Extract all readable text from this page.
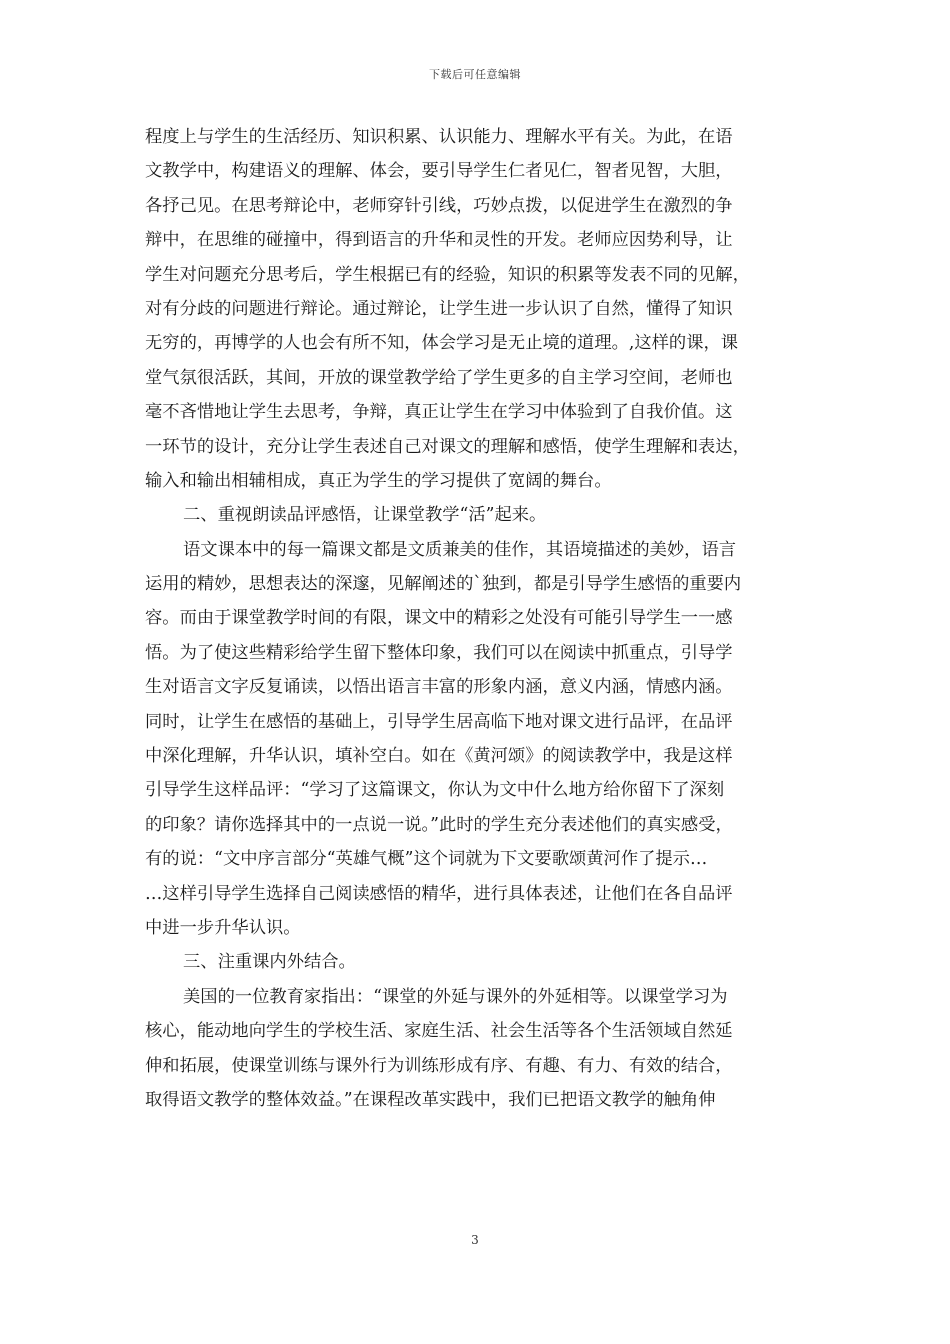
下载后可任意编辑
程度上与学生的生活经历、知识积累、认识能力、理解水平有关。为此，在语
文教学中，构建语义的理解、体会，要引导学生仁者见仁，智者见智，大胆，
各抒己见。在思考辩论中，老师穿针引线，巧妙点拨，以促进学生在激烈的争
辩中，在思维的碰撞中，得到语言的升华和灵性的开发。老师应因势利导，让
学生对问题充分思考后，学生根据已有的经验，知识的积累等发表不同的见解，
对有分歧的问题进行辩论。通过辩论，让学生进一步认识了自然，懂得了知识
无穷的，再博学的人也会有所不知，体会学习是无止境的道理。,这样的课，课
堂气氛很活跃，其间，开放的课堂教学给了学生更多的自主学习空间，老师也
毫不吝惜地让学生去思考，争辩，真正让学生在学习中体验到了自我价值。这
一环节的设计，充分让学生表述自己对课文的理解和感悟，使学生理解和表达，
输入和输出相辅相成，真正为学生的学习提供了宽阔的舞台。
二、重视朗读品评感悟，让课堂教学“活”起来。
语文课本中的每一篇课文都是文质兼美的佳作，其语境描述的美妙，语言
运用的精妙，思想表达的深邃，见解阐述的`独到，都是引导学生感悟的重要内
容。而由于课堂教学时间的有限，课文中的精彩之处没有可能引导学生一一感
悟。为了使这些精彩给学生留下整体印象，我们可以在阅读中抓重点，引导学
生对语言文字反复诵读，以悟出语言丰富的形象内涵，意义内涵，情感内涵。
同时，让学生在感悟的基础上，引导学生居高临下地对课文进行品评，在品评
中深化理解，升华认识，填补空白。如在《黄河颂》的阅读教学中，我是这样
引导学生这样品评：“学习了这篇课文，你认为文中什么地方给你留下了深刻
的印象？请你选择其中的一点说一说。”此时的学生充分表述他们的真实感受，
有的说：“文中序言部分“英雄气概”这个词就为下文要歌颂黄河作了提示…
…这样引导学生选择自己阅读感悟的精华，进行具体表述，让他们在各自品评
中进一步升华认识。
三、注重课内外结合。
美国的一位教育家指出：“课堂的外延与课外的外延相等。以课堂学习为
核心，能动地向学生的学校生活、家庭生活、社会生活等各个生活领域自然延
伸和拓展，使课堂训练与课外行为训练形成有序、有趣、有力、有效的结合，
取得语文教学的整体效益。”在课程改革实践中，我们已把语文教学的触角伸
3
